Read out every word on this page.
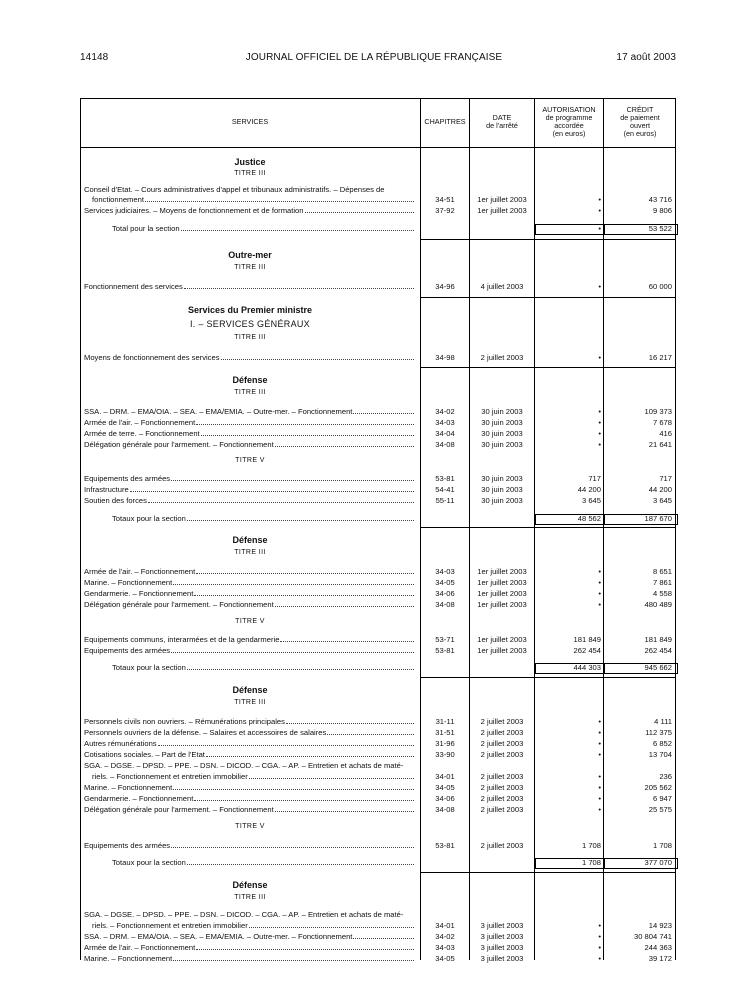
14148	JOURNAL OFFICIEL DE LA RÉPUBLIQUE FRANÇAISE	17 août 2003
SERVICES	CHAPITRES	DATE
de l'arrêté
AUTORISATION
de programme
accordée
(en euros)
CRÉDIT
de paiement
ouvert
(en euros)
Justice
TITRE III
Conseil d'Etat. – Cours administratives d'appel et tribunaux administratifs. – Dépenses de
fonctionnement	34-51	1er juillet 2003	•	43 716
Services judiciaires. – Moyens de fonctionnement et de formation	37-92	1er juillet 2003	•	9 806
Total pour la section	•	53 522
Outre-mer
TITRE III
Fonctionnement des services	34-96	4 juillet 2003	•	60 000
Services du Premier ministre
I. – SERVICES GÉNÉRAUX
TITRE III
Moyens de fonctionnement des services	34-98	2 juillet 2003	•	16 217
Défense
TITRE III
SSA. – DRM. – EMA/OIA. – SEA. – EMA/EMIA. – Outre-mer. – Fonctionnement	34-02	30 juin 2003	•	109 373
Armée de l'air. – Fonctionnement	34-03	30 juin 2003	•	7 678
Armée de terre. – Fonctionnement	34-04	30 juin 2003	•	416
Délégation générale pour l'armement. – Fonctionnement	34-08	30 juin 2003	•	21 641
TITRE V
Equipements des armées	53-81	30 juin 2003	717	717
Infrastructure	54-41	30 juin 2003	44 200	44 200
Soutien des forces	55-11	30 juin 2003	3 645	3 645
Totaux pour la section	48 562	187 670
Défense
TITRE III
Armée de l'air. – Fonctionnement	34-03	1er juillet 2003	•	8 651
Marine. – Fonctionnement	34-05	1er juillet 2003	•	7 861
Gendarmerie. – Fonctionnement	34-06	1er juillet 2003	•	4 558
Délégation générale pour l'armement. – Fonctionnement	34-08	1er juillet 2003	•	480 489
TITRE V
Equipements communs, interarmées et de la gendarmerie	53-71	1er juillet 2003	181 849	181 849
Equipements des armées	53-81	1er juillet 2003	262 454	262 454
Totaux pour la section	444 303	945 662
Défense
TITRE III
Personnels civils non ouvriers. – Rémunérations principales	31-11	2 juillet 2003	•	4 111
Personnels ouvriers de la défense. – Salaires et accessoires de salaires	31-51	2 juillet 2003	•	112 375
Autres rémunérations	31-96	2 juillet 2003	•	6 852
Cotisations sociales. – Part de l'Etat	33-90	2 juillet 2003	•	13 704
SGA. – DGSE. – DPSD. – PPE. – DSN. – DICOD. – CGA. – AP. – Entretien et achats de maté-
riels. – Fonctionnement et entretien immobilier	34-01	2 juillet 2003	•	236
Marine. – Fonctionnement	34-05	2 juillet 2003	•	205 562
Gendarmerie. – Fonctionnement	34-06	2 juillet 2003	•	6 947
Délégation générale pour l'armement. – Fonctionnement	34-08	2 juillet 2003	•	25 575
TITRE V
Equipements des armées	53-81	2 juillet 2003	1 708	1 708
Totaux pour la section	1 708	377 070
Défense
TITRE III
SGA. – DGSE. – DPSD. – PPE. – DSN. – DICOD. – CGA. – AP. – Entretien et achats de maté-
riels. – Fonctionnement et entretien immobilier	34-01	3 juillet 2003	•	14 923
SSA. – DRM. – EMA/OIA. – SEA. – EMA/EMIA. – Outre-mer. – Fonctionnement	34-02	3 juillet 2003	•	30 804 741
Armée de l'air. – Fonctionnement	34-03	3 juillet 2003	•	244 363
Marine. – Fonctionnement	34-05	3 juillet 2003	•	39 172
